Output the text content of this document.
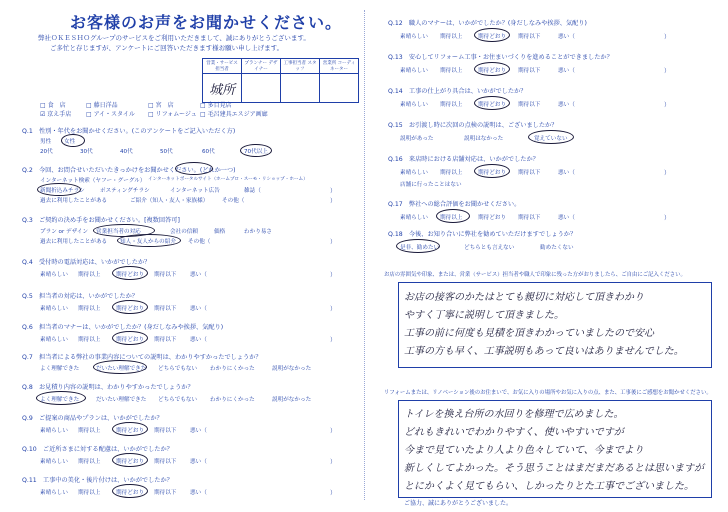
お客様のお声をお聞かせください。
弊社ＯＫＥＳＨＯグループのサービスをご利用いただきまして、誠にありがとうございます。
ご多忙と存じますが、アンケートにご回答いただきます様お願い申し上げます。
営業・サービス 担当者	プランナー デザイナー	工事担当者 スタッフ	営業所 コーディネーター
城所			
□ 食　店	□ 藤日洋品	□ 宮　店	□ 多目見店
☑ 京え手店 □ アイ・スタイル □ リフォムージュ □ 毛呂建具エスジア画廊
Q.1　性別・年代をお聞かせください。(このアンケートをご記入いただく方)
男性 女性
20代	30代	40代	50代	60代	70代以上
Q.2　今回、お問合せいただいたきっかけをお聞かせください。(どれか一つ)
インターネット検索（ヤフー・グーグル） インターネットポータルサイト（ホームプロ・スーモ・リショップ・ホーム）
新聞折込みチラシ	ポスティングチラシ	インターネット広告	雑誌（
過去に利用したことがある	ご紹介（知人・友人・家族様） その他（
）
）
Q.3　ご契約の決め手をお聞かせください。[複数回答可]
プラン or デザイン 営業担当者の対応	会社の信頼	価格	わかり易さ
過去に利用したことがある 知人・友人からの紹介 その他（	）
Q.4　受付時の電話対応は、いかがでしたか？
素晴らしい 期待以上	期待どおり 期待以下 悪い（	）
Q.5　担当者の対応は、いかがでしたか？
素晴らしい 期待以上	期待どおり 期待以下 悪い（	）
Q.6　担当者のマナーは、いかがでしたか？(身だしなみや挨拶、気配り)
素晴らしい 期待以上	期待どおり 期待以下 悪い（	）
Q.7　担当者による弊社の事業内容についての説明は、わかりやすかったでしょうか？
よく理解できた	だいたい理解できた どちらでもない わかりにくかった	説明がなかった
Q.8　お見積り内容の説明は、わかりやすかったでしょうか？
よく理解できた	だいたい理解できた どちらでもない わかりにくかった	説明がなかった
Q.9　ご提案の商品やプランは、いかがでしたか？
素晴らしい 期待以上	期待どおり 期待以下 悪い（	）
Q.10　ご近所さまに対する配慮は、いかがでしたか？
素晴らしい 期待以上	期待どおり 期待以下 悪い（	）
Q.11　工事中の美化・後片付けは、いかがでしたか？
素晴らしい 期待以上	期待どおり 期待以下 悪い（	）
Q.12　職人のマナーは、いかがでしたか？(身だしなみや挨拶、気配り)
素晴らしい 期待以上	期待どおり 期待以下	悪い（	）
Q.13　安心してリフォーム工事・お住まいづくりを進めることができましたか？
素晴らしい 期待以上	期待どおり 期待以下	悪い（	）
Q.14　工事の仕上がり具合は、いかがでしたか？
素晴らしい 期待以上	期待どおり 期待以下	悪い（	）
Q.15　お引渡し時に次回の点検の説明は、ございましたか？
説明があった	説明はなかった	覚えていない
Q.16　来店時における店舗対応は、いかがでしたか？
素晴らしい 期待以上	期待どおり 期待以下	悪い（	）
店舗に行ったことはない
Q.17　弊社への総合評価をお聞かせください。
素晴らしい 期待以上	期待どおり 期待以下	悪い（	）
Q.18　今後、お知り合いに弊社を勧めていただけますでしょうか？
是非、勧めたい	どちらとも言えない	勧めたくない
お店の雰囲気や印象、または、営業（サービス）担当者や職人で印象に残った方がおりましたら、ご自由にご記入ください。
お店の接客のかたはとても親切に対応して頂きわかり
やすく丁寧に説明して頂きました。
工事の前に何度も見積を頂きわかっていましたので安心
工事の方も早く、工事説明もあって良いはありませんでした。
リフォームまたは、リノベーション後のお住まいで、お気に入りの場所やお気に入りの点、また、工事後にご感想をお聞かせください。
トイレを換え台所の水回りを修理で広めました。
どれもきれいでわかりやすく、使いやすいですが
今まで見ていたより人より色々していて、今までより
新しくしてよかった。そう思うことはまだまだあるとは思いますが
とにかくよく見てもらい、しかったりとた工事でございました。
ご協力、誠にありがとうございました。
